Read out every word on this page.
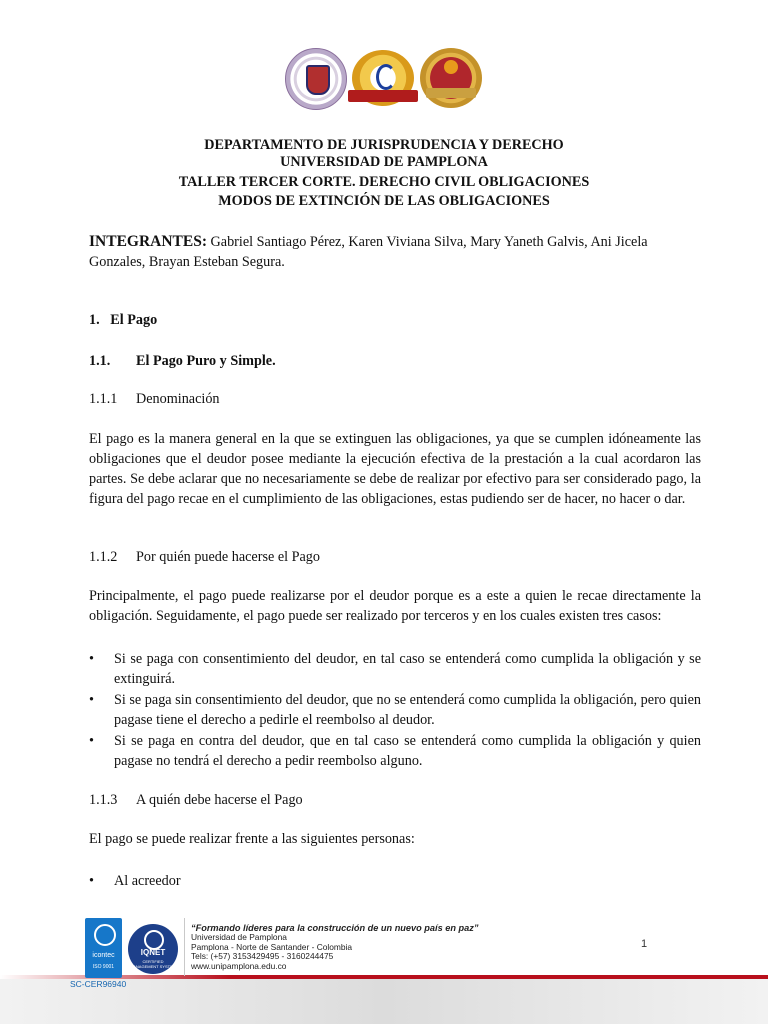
DEPARTAMENTO DE JURISPRUDENCIA Y DERECHO
UNIVERSIDAD DE PAMPLONA
TALLER TERCER CORTE. DERECHO CIVIL OBLIGACIONES
MODOS DE EXTINCIÓN DE LAS OBLIGACIONES
INTEGRANTES: Gabriel Santiago Pérez, Karen Viviana Silva, Mary Yaneth Galvis, Ani Jicela
Gonzales, Brayan Esteban Segura.
1.   El Pago
1.1. El Pago Puro y Simple.
1.1.1 Denominación
El pago es la manera general en la que se extinguen las obligaciones, ya que se cumplen idóneamente las obligaciones que el deudor posee mediante la ejecución efectiva de la prestación a la cual acordaron las partes. Se debe aclarar que no necesariamente se debe de realizar por efectivo para ser considerado pago, la figura del pago recae en el cumplimiento de las obligaciones, estas pudiendo ser de hacer, no hacer o dar.
1.1.2 Por quién puede hacerse el Pago
Principalmente, el pago puede realizarse por el deudor porque es a este a quien le recae directamente la obligación. Seguidamente, el pago puede ser realizado por terceros y en los cuales existen tres casos:
• Si se paga con consentimiento del deudor, en tal caso se entenderá como cumplida la obligación y se extinguirá.
• Si se paga sin consentimiento del deudor, que no se entenderá como cumplida la obligación, pero quien pagase tiene el derecho a pedirle el reembolso al deudor.
• Si se paga en contra del deudor, que en tal caso se entenderá como cumplida la obligación y quien pagase no tendrá el derecho a pedir reembolso alguno.
1.1.3 A quién debe hacerse el Pago
El pago se puede realizar frente a las siguientes personas:
• Al acreedor
icontec
ISO 9001
SC-CER96940
IQNET
CERTIFIED MANAGEMENT SYSTEM
“Formando líderes para la construcción de un nuevo país en paz”
Universidad de Pamplona
Pamplona - Norte de Santander - Colombia
Tels: (+57) 3153429495 - 3160244475
www.unipamplona.edu.co
1
